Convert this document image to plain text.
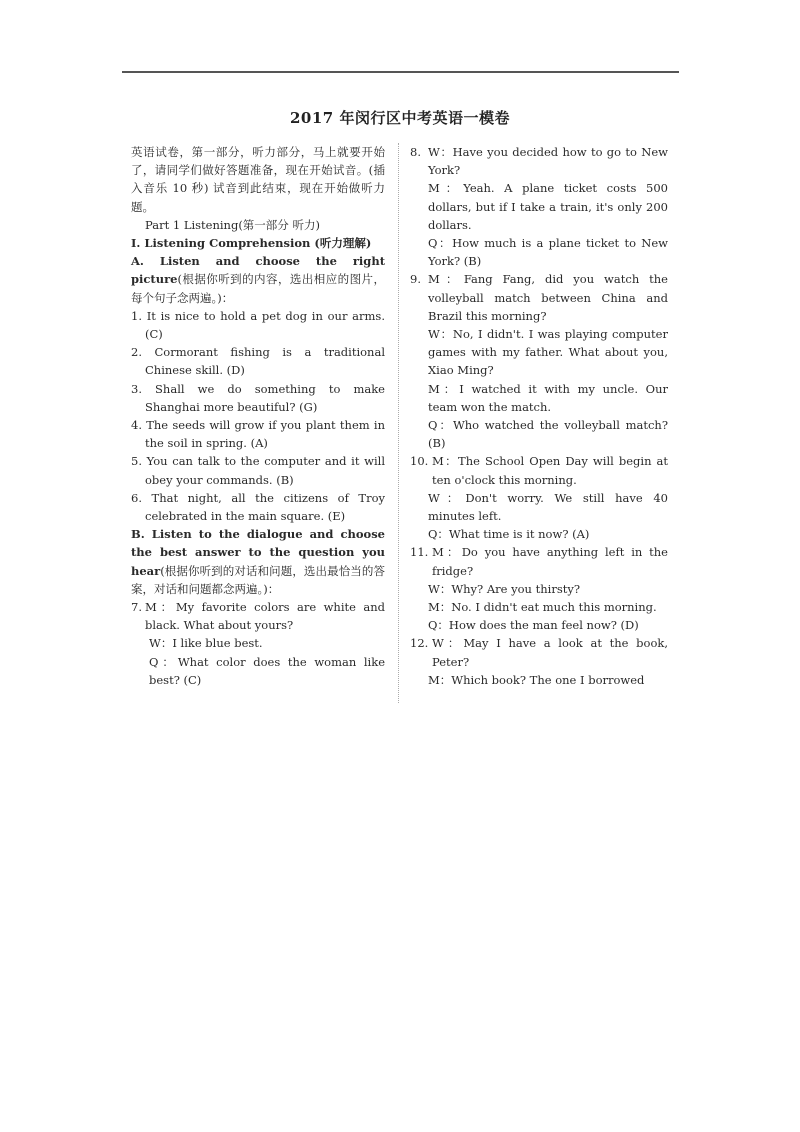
2017 年闵行区中考英语一模卷

英语试卷，第一部分，听力部分，马上就要开始了，请同学们做好答题准备，现在开始试音。(插入音乐 10 秒) 试音到此结束，现在开始做听力题。

Part 1 Listening(第一部分 听力)

Ⅰ. Listening Comprehension (听力理解)

A. Listen and choose the right picture(根据你听到的内容，选出相应的图片，每个句子念两遍。)：

1. It is nice to hold a pet dog in our arms. (C)

2. Cormorant fishing is a traditional Chinese skill. (D)

3. Shall we do something to make Shanghai more beautiful? (G)

4. The seeds will grow if you plant them in the soil in spring. (A)

5. You can talk to the computer and it will obey your commands. (B)

6. That night, all the citizens of Troy celebrated in the main square. (E)

B. Listen to the dialogue and choose the best answer to the question you hear(根据你听到的对话和问题，选出最恰当的答案，对话和问题都念两遍。)：

7. M：My favorite colors are white and black. What about yours?

W：I like blue best.

Q：What color does the woman like best? (C)

8. W：Have you decided how to go to New York?

M：Yeah. A plane ticket costs 500 dollars, but if I take a train, it's only 200 dollars.

Q：How much is a plane ticket to New York? (B)

9. M：Fang Fang, did you watch the volleyball match between China and Brazil this morning?

W：No, I didn't. I was playing computer games with my father. What about you, Xiao Ming?

M：I watched it with my uncle. Our team won the match.

Q：Who watched the volleyball match? (B)

10. M：The School Open Day will begin at ten o'clock this morning.

W：Don't worry. We still have 40 minutes left.

Q：What time is it now? (A)

11. M：Do you have anything left in the fridge?

W：Why? Are you thirsty?

M：No. I didn't eat much this morning.

Q：How does the man feel now? (D)

12. W：May I have a look at the book, Peter?

M：Which book? The one I borrowed
